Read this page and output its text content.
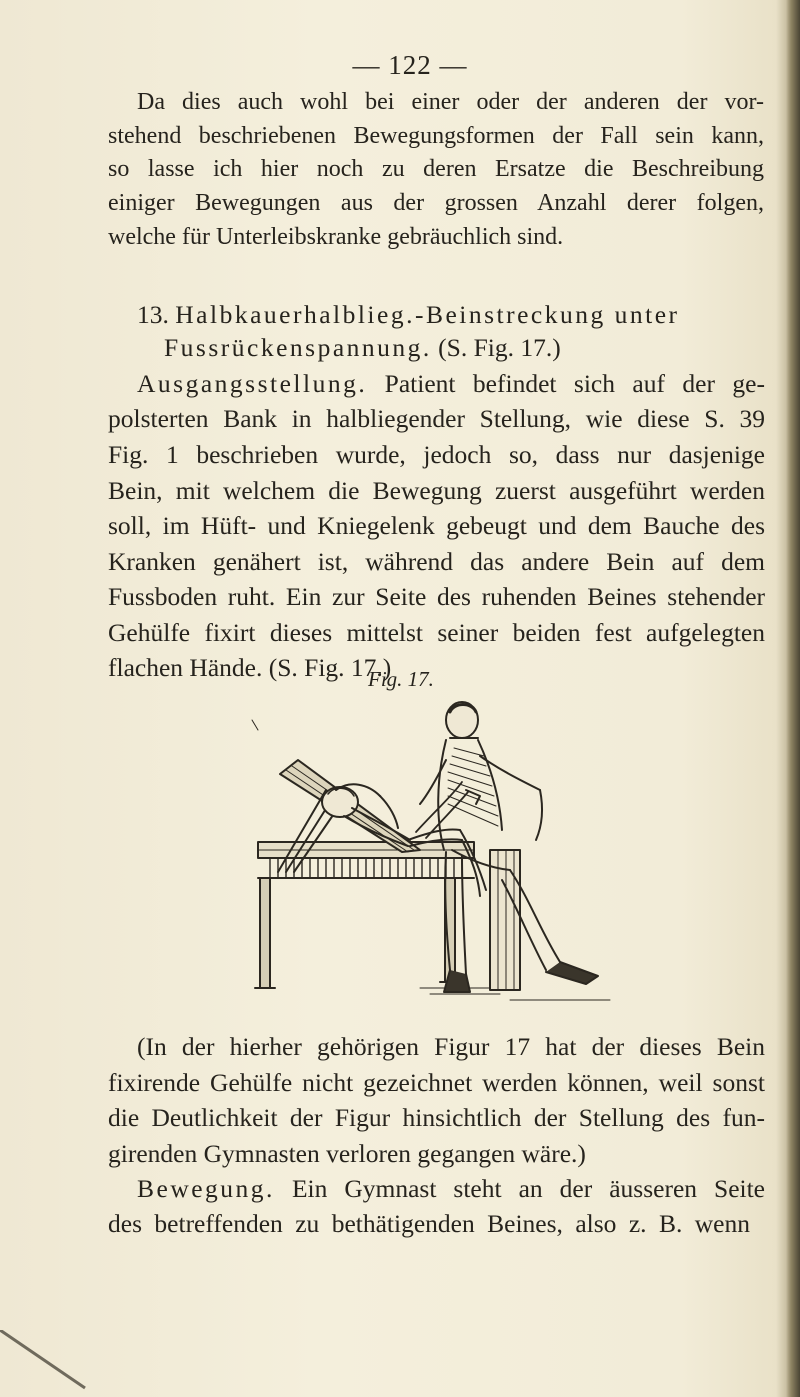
— 122 —
Da dies auch wohl bei einer oder der anderen der vor-
stehend beschriebenen Bewegungsformen der Fall sein kann,
so lasse ich hier noch zu deren Ersatze die Beschreibung
einiger Bewegungen aus der grossen Anzahl derer folgen,
welche für Unterleibskranke gebräuchlich sind.
13. Halbkauerhalblieg.-Beinstreckung unter
Fussrückenspannung. (S. Fig. 17.)
Ausgangsstellung. Patient befindet sich auf der ge-
polsterten Bank in halbliegender Stellung, wie diese S. 39
Fig. 1 beschrieben wurde, jedoch so, dass nur dasjenige
Bein, mit welchem die Bewegung zuerst ausgeführt werden
soll, im Hüft- und Kniegelenk gebeugt und dem Bauche des
Kranken genähert ist, während das andere Bein auf dem
Fussboden ruht. Ein zur Seite des ruhenden Beines stehender
Gehülfe fixirt dieses mittelst seiner beiden fest aufgelegten
flachen Hände. (S. Fig. 17.)
Fig. 17.
(In der hierher gehörigen Figur 17 hat der dieses Bein
fixirende Gehülfe nicht gezeichnet werden können, weil sonst
die Deutlichkeit der Figur hinsichtlich der Stellung des fun-
girenden Gymnasten verloren gegangen wäre.)
Bewegung. Ein Gymnast steht an der äusseren Seite
des betreffenden zu bethätigenden Beines, also z. B. wenn
